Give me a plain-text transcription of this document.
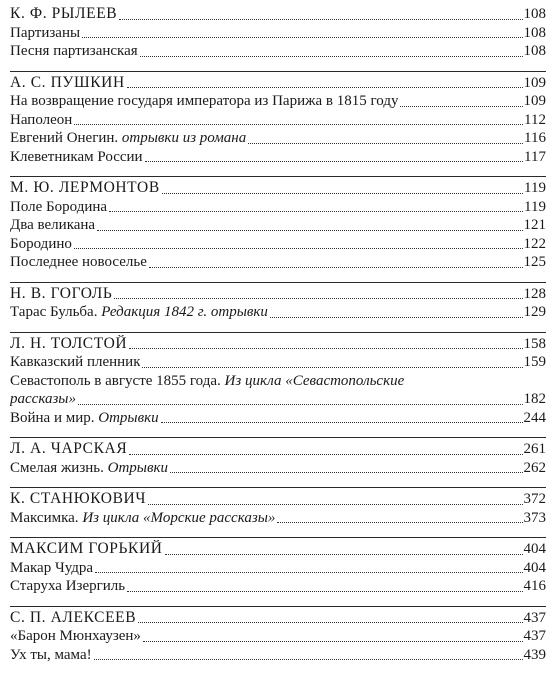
К. Ф. РЫЛЕЕВ	108
Партизаны	108
Песня партизанская	108
А. С. ПУШКИН	109
На возвращение государя императора из Парижа в 1815 году	109
Наполеон	112
Евгений Онегин. отрывки из романа	116
Клеветникам России	117
М. Ю. ЛЕРМОНТОВ	119
Поле Бородина	119
Два великана	121
Бородино	122
Последнее новоселье	125
Н. В. ГОГОЛЬ	128
Тарас Бульба. Редакция 1842 г. отрывки	129
Л. Н. ТОЛСТОЙ	158
Кавказский пленник	159
Севастополь в августе 1855 года. Из цикла «Севастопольские
рассказы»	182
Война и мир. Отрывки	244
Л. А. ЧАРСКАЯ	261
Смелая жизнь. Отрывки	262
К. СТАНЮКОВИЧ	372
Максимка. Из цикла «Морские рассказы»	373
МАКСИМ ГОРЬКИЙ	404
Макар Чудра	404
Старуха Изергиль	416
С. П. АЛЕКСЕЕВ	437
«Барон Мюнхаузен»	437
Ух ты, мама!	439
